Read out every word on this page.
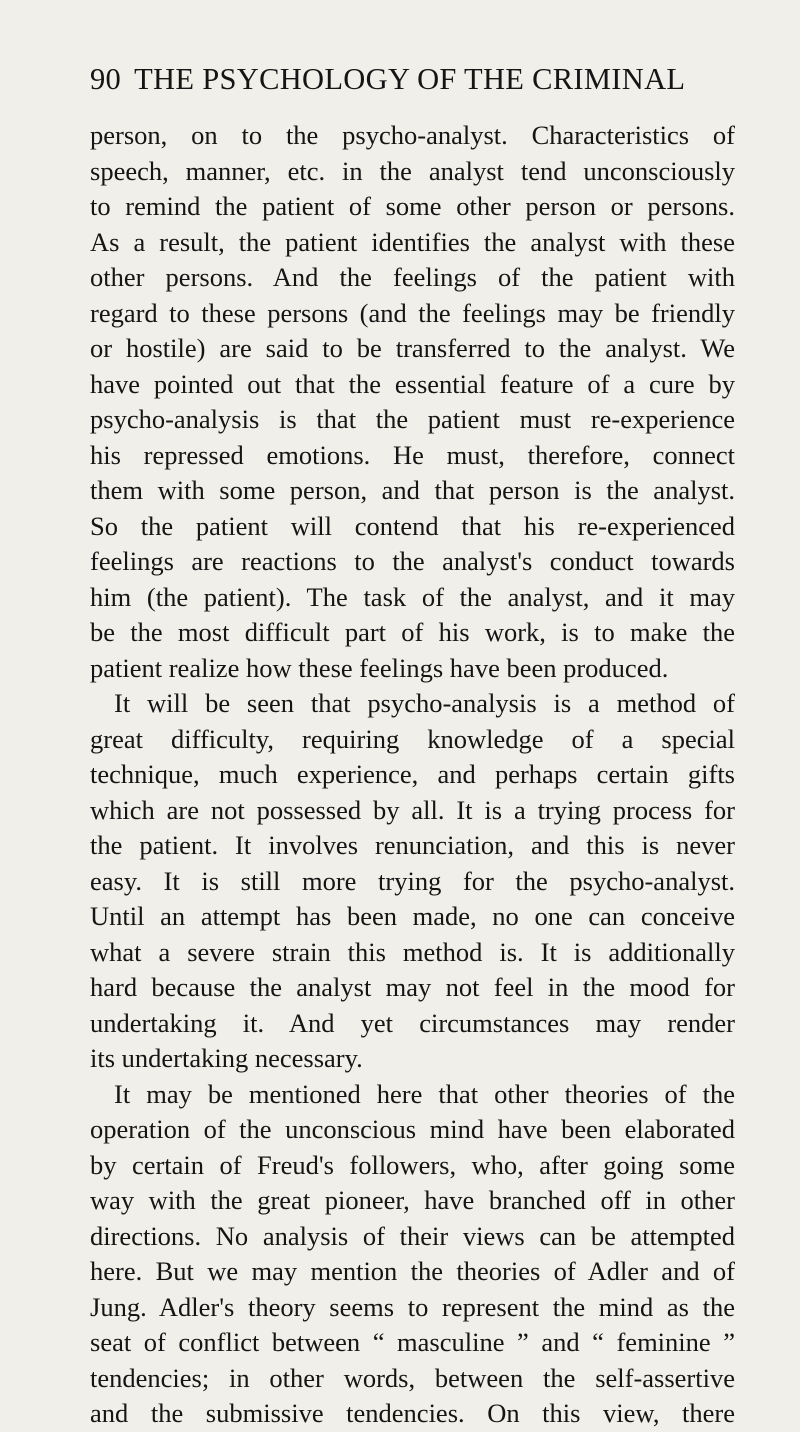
90 THE PSYCHOLOGY OF THE CRIMINAL
person, on to the psycho-analyst. Characteristics of
speech, manner, etc. in the analyst tend unconsciously
to remind the patient of some other person or persons.
As a result, the patient identifies the analyst with these
other persons. And the feelings of the patient with
regard to these persons (and the feelings may be friendly
or hostile) are said to be transferred to the analyst. We
have pointed out that the essential feature of a cure by
psycho-analysis is that the patient must re-experience
his repressed emotions. He must, therefore, connect
them with some person, and that person is the analyst.
So the patient will contend that his re-experienced
feelings are reactions to the analyst's conduct towards
him (the patient). The task of the analyst, and it may
be the most difficult part of his work, is to make the
patient realize how these feelings have been produced.
It will be seen that psycho-analysis is a method of
great difficulty, requiring knowledge of a special
technique, much experience, and perhaps certain gifts
which are not possessed by all. It is a trying process for
the patient. It involves renunciation, and this is never
easy. It is still more trying for the psycho-analyst.
Until an attempt has been made, no one can conceive
what a severe strain this method is. It is additionally
hard because the analyst may not feel in the mood for
undertaking it. And yet circumstances may render
its undertaking necessary.
It may be mentioned here that other theories of the
operation of the unconscious mind have been elaborated
by certain of Freud's followers, who, after going some
way with the great pioneer, have branched off in other
directions. No analysis of their views can be attempted
here. But we may mention the theories of Adler and of
Jung. Adler's theory seems to represent the mind as the
seat of conflict between “ masculine ” and “ feminine ”
tendencies; in other words, between the self-assertive
and the submissive tendencies. On this view, there
